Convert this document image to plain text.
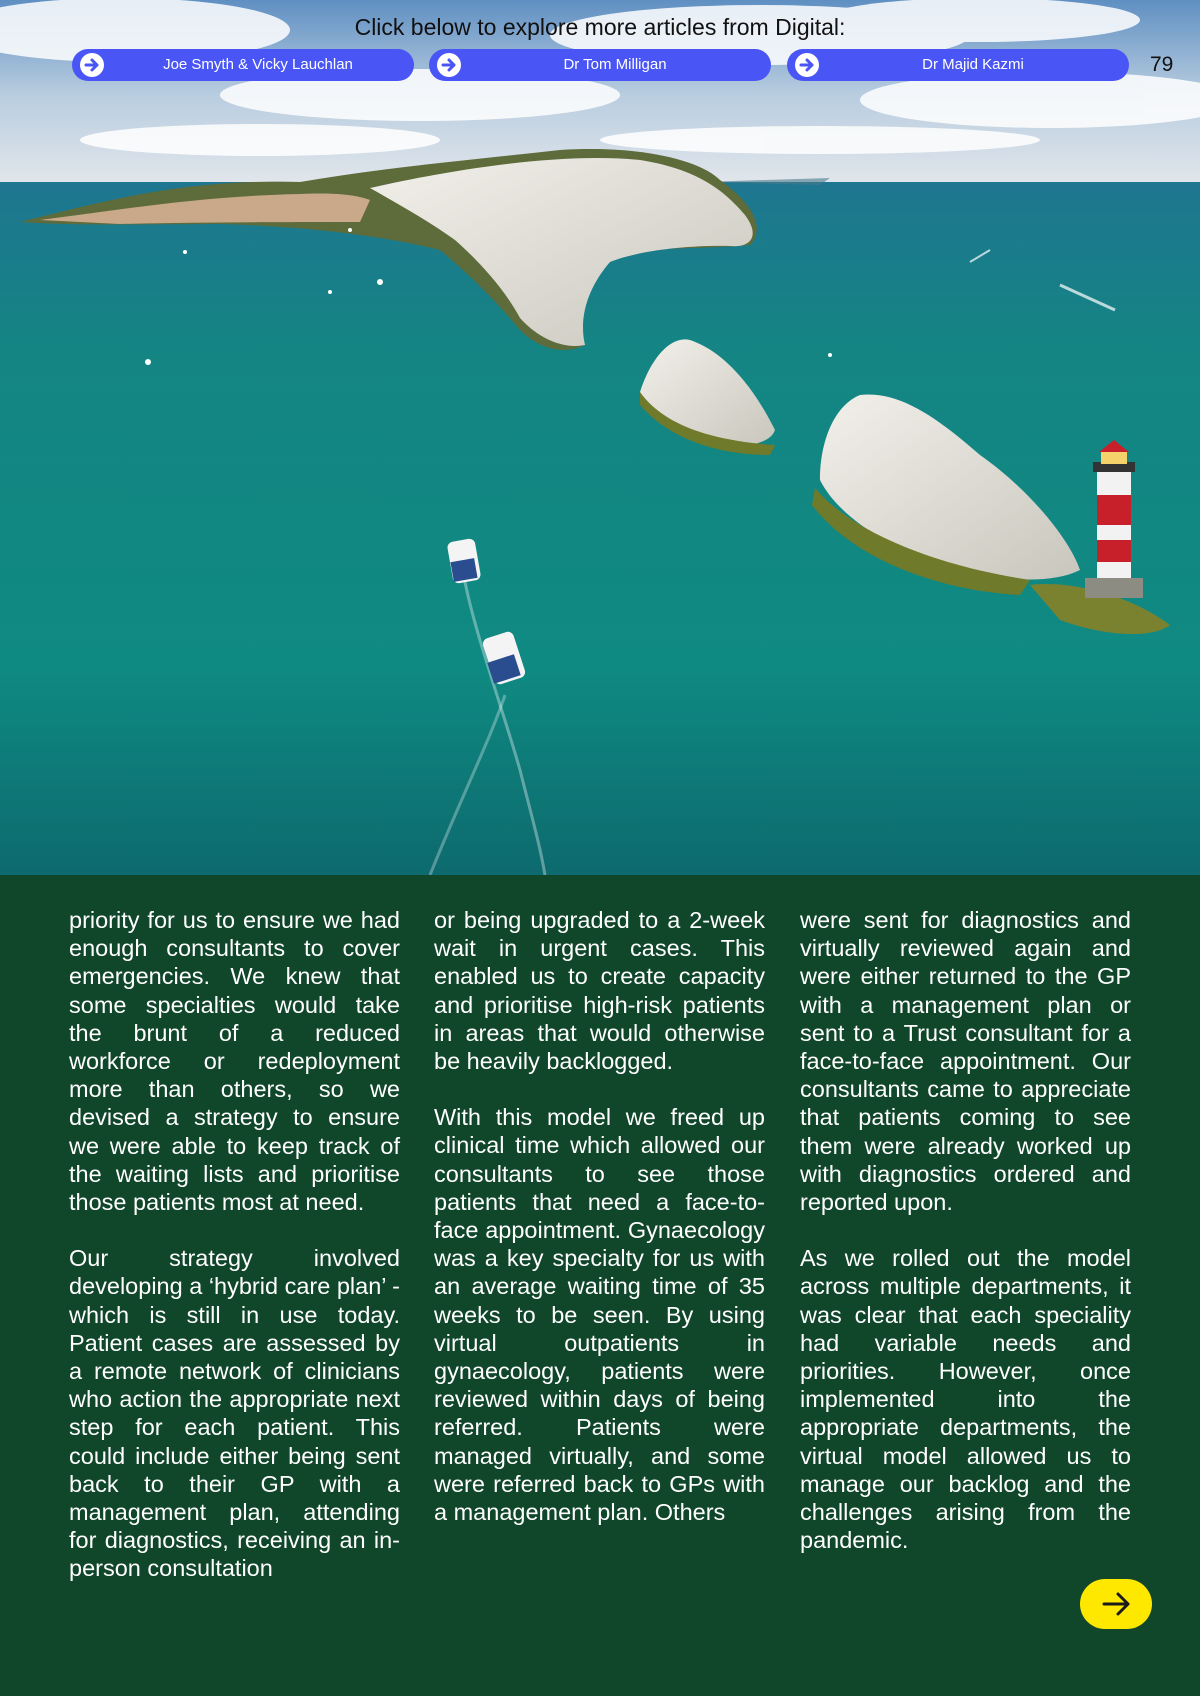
Click below to explore more articles from Digital:
Joe Smyth & Vicky Lauchlan	Dr Tom Milligan	Dr Majid Kazmi	79

priority for us to ensure we had enough consultants to cover emergencies. We knew that some specialties would take the brunt of a reduced workforce or redeployment more than others, so we devised a strategy to ensure we were able to keep track of the waiting lists and prioritise those patients most at need.

Our strategy involved developing a ‘hybrid care plan’ - which is still in use today. Patient cases are assessed by a remote network of clinicians who action the appropriate next step for each patient. This could include either being sent back to their GP with a management plan, attending for diagnostics, receiving an in-person consultation

or being upgraded to a 2-week wait in urgent cases. This enabled us to create capacity and prioritise high-risk patients in areas that would otherwise be heavily backlogged.

With this model we freed up clinical time which allowed our consultants to see those patients that need a face-to-face appointment. Gynaecology was a key specialty for us with an average waiting time of 35 weeks to be seen. By using virtual outpatients in gynaecology, patients were reviewed within days of being referred. Patients were managed virtually, and some were referred back to GPs with a management plan. Others

were sent for diagnostics and virtually reviewed again and were either returned to the GP with a management plan or sent to a Trust consultant for a face-to-face appointment. Our consultants came to appreciate that patients coming to see them were already worked up with diagnostics ordered and reported upon.

As we rolled out the model across multiple departments, it was clear that each speciality had variable needs and priorities. However, once implemented into the appropriate departments, the virtual model allowed us to manage our backlog and the challenges arising from the pandemic.
